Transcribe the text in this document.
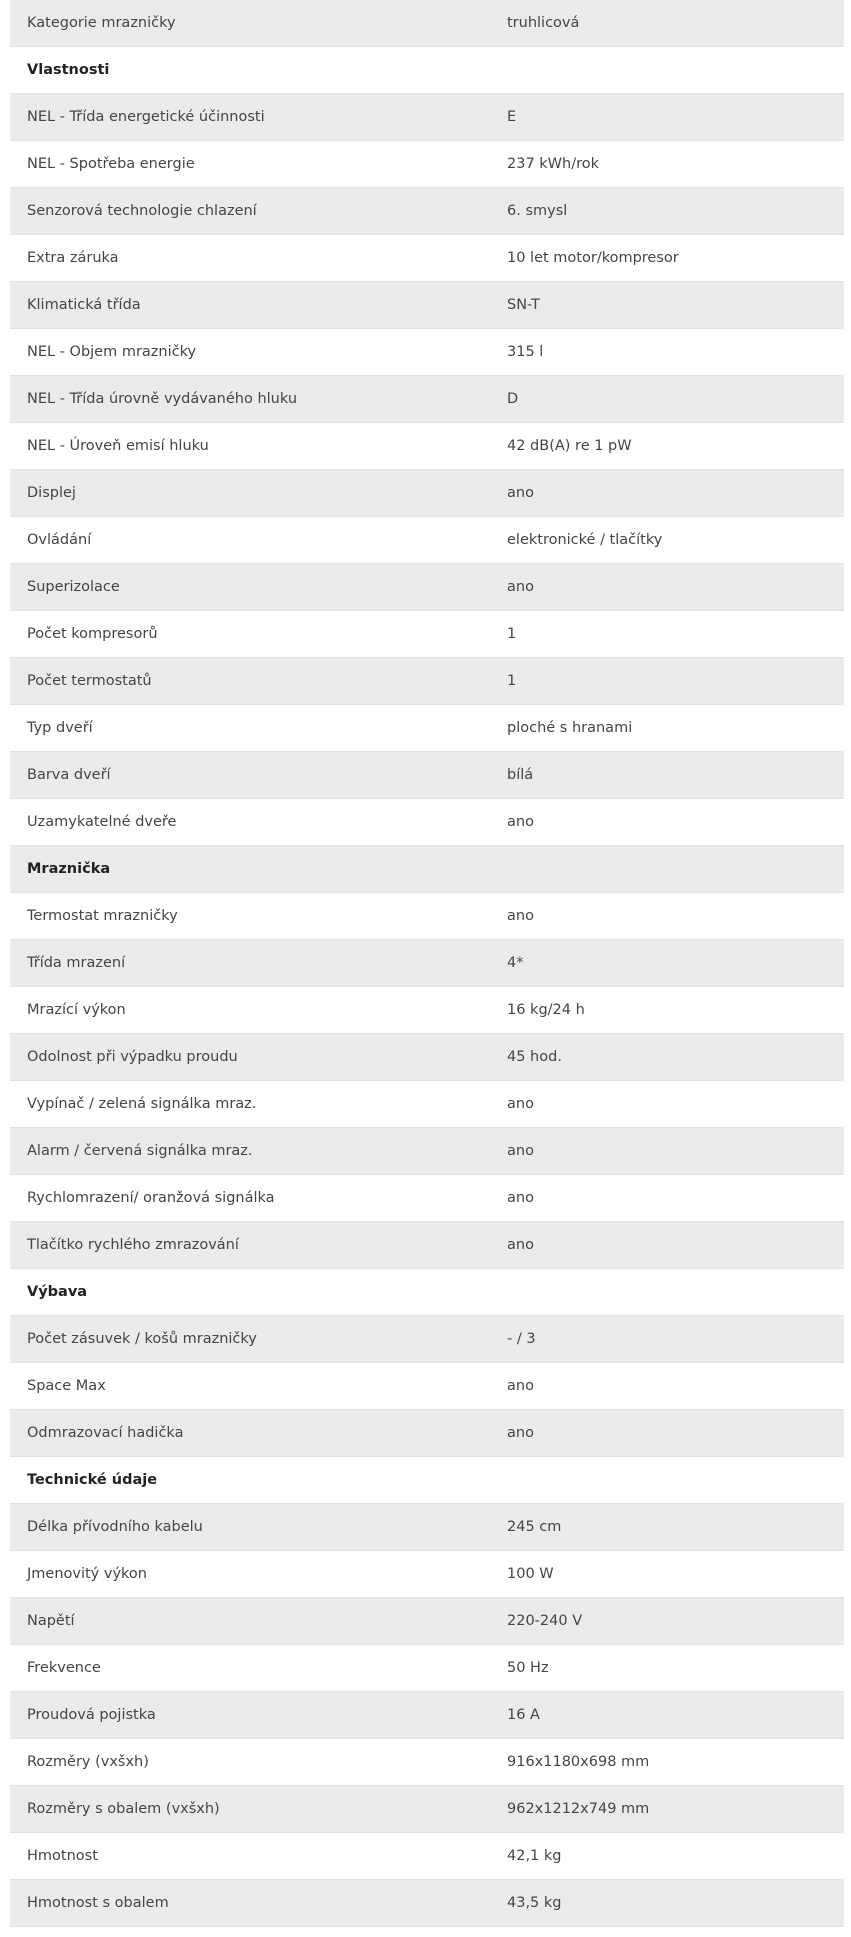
Kategorie mrazničky	truhlicová
Vlastnosti
NEL - Třída energetické účinnosti	E
NEL - Spotřeba energie	237 kWh/rok
Senzorová technologie chlazení	6. smysl
Extra záruka	10 let motor/kompresor
Klimatická třída	SN-T
NEL - Objem mrazničky	315 l
NEL - Třída úrovně vydávaného hluku	D
NEL - Úroveň emisí hluku	42 dB(A) re 1 pW
Displej	ano
Ovládání	elektronické / tlačítky
Superizolace	ano
Počet kompresorů	1
Počet termostatů	1
Typ dveří	ploché s hranami
Barva dveří	bílá
Uzamykatelné dveře	ano
Mraznička
Termostat mrazničky	ano
Třída mrazení	4*
Mrazící výkon	16 kg/24 h
Odolnost při výpadku proudu	45 hod.
Vypínač / zelená signálka mraz.	ano
Alarm / červená signálka mraz.	ano
Rychlomrazení/ oranžová signálka	ano
Tlačítko rychlého zmrazování	ano
Výbava
Počet zásuvek / košů mrazničky	- / 3
Space Max	ano
Odmrazovací hadička	ano
Technické údaje
Délka přívodního kabelu	245 cm
Jmenovitý výkon	100 W
Napětí	220-240 V
Frekvence	50 Hz
Proudová pojistka	16 A
Rozměry (vxšxh)	916x1180x698 mm
Rozměry s obalem (vxšxh)	962x1212x749 mm
Hmotnost	42,1 kg
Hmotnost s obalem	43,5 kg
